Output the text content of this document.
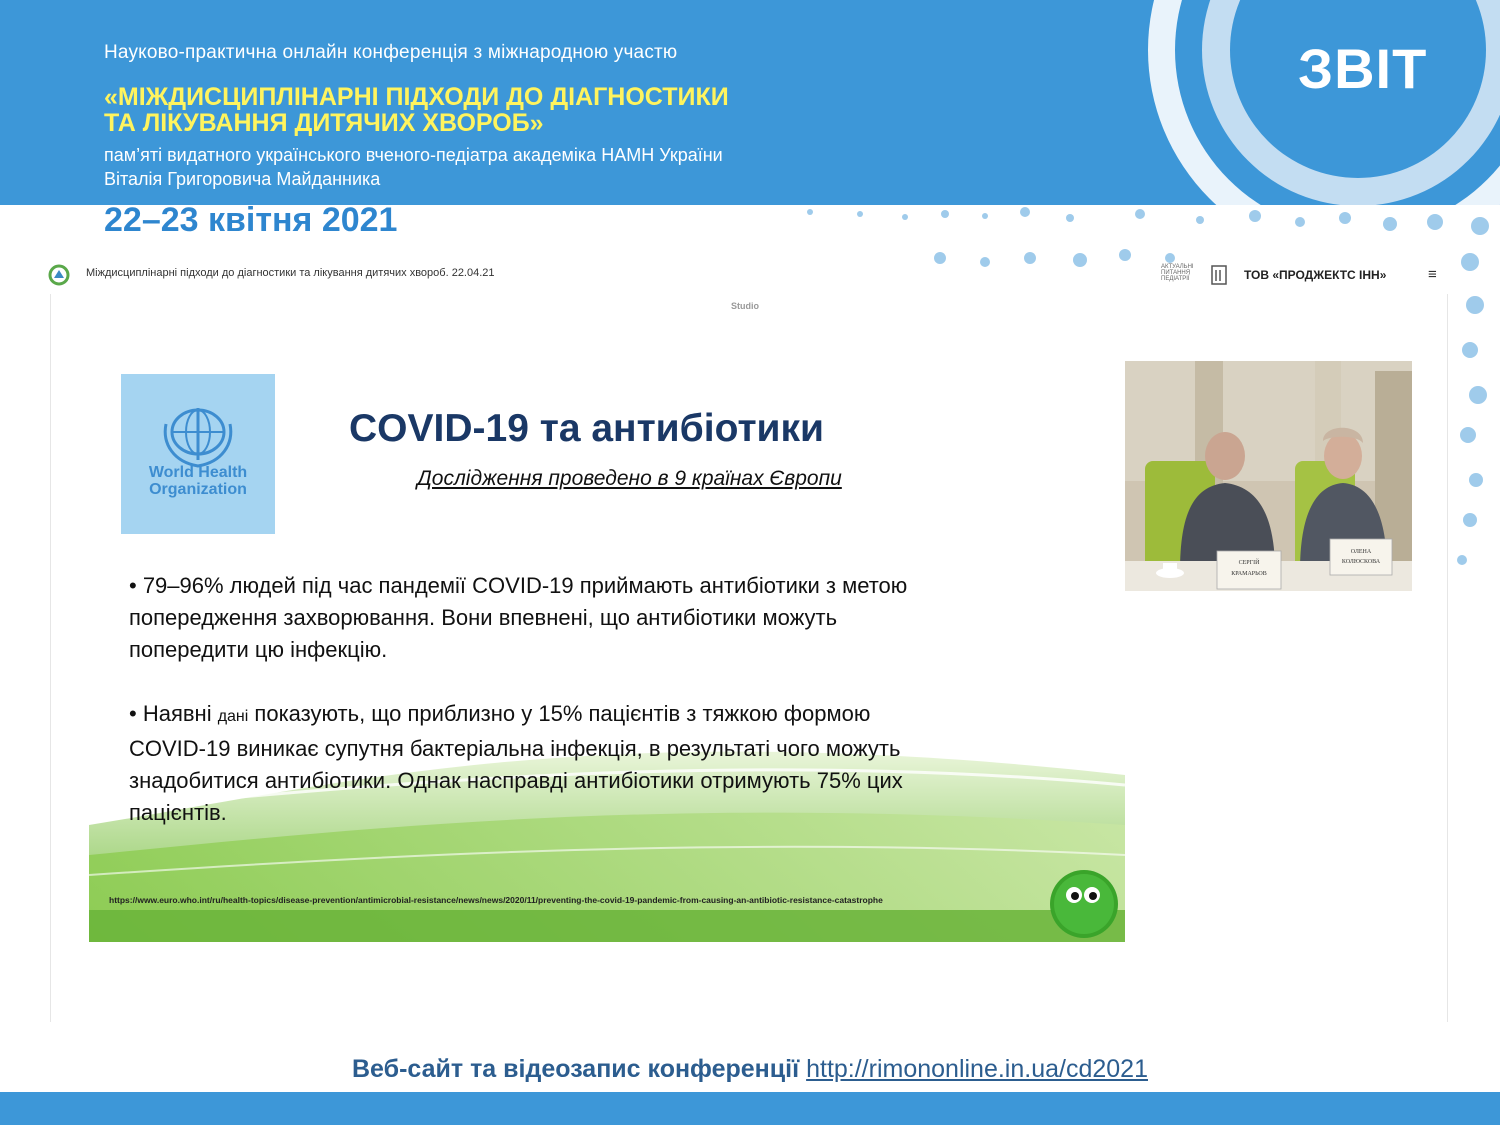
Науково-практична онлайн конференція з міжнародною участю
«МІЖДИСЦИПЛІНАРНІ ПІДХОДИ ДО ДІАГНОСТИКИ
ТА ЛІКУВАННЯ ДИТЯЧИХ ХВОРОБ»
пам’яті видатного українського вченого-педіатра академіка НАМН України
Віталія Григоровича Майданника
ЗВІТ
22–23 квітня 2021
Міждисциплінарні підходи до діагностики та лікування дитячих хвороб. 22.04.21	АКТУАЛЬНІ ПИТАННЯ ПЕДІАТРІЇ	ТОВ «ПРОДЖЕКТС ІНН»	≡
Studio
World Health
Organization
COVID-19 та антибіотики
Дослідження проведено в 9 країнах Європи
• 79–96% людей під час пандемії COVID-19 приймають антибіотики з метою
попередження захворювання. Вони впевнені, що антибіотики можуть
попередити цю інфекцію.
• Наявні дані показують, що приблизно у 15% пацієнтів з тяжкою формою
COVID-19 виникає супутня бактеріальна інфекція, в результаті чого можуть
знадобитися антибіотики. Однак насправді антибіотики отримують 75% цих
пацієнтів.
https://www.euro.who.int/ru/health-topics/disease-prevention/antimicrobial-resistance/news/news/2020/11/preventing-the-covid-19-pandemic-from-causing-an-antibiotic-resistance-catastrophe
СЕРГІЙ
КРАМАРЬОВ
ОЛЕНА
КОЛЮСКОВА
Веб-сайт та відеозапис конференції http://rimononline.in.ua/cd2021
